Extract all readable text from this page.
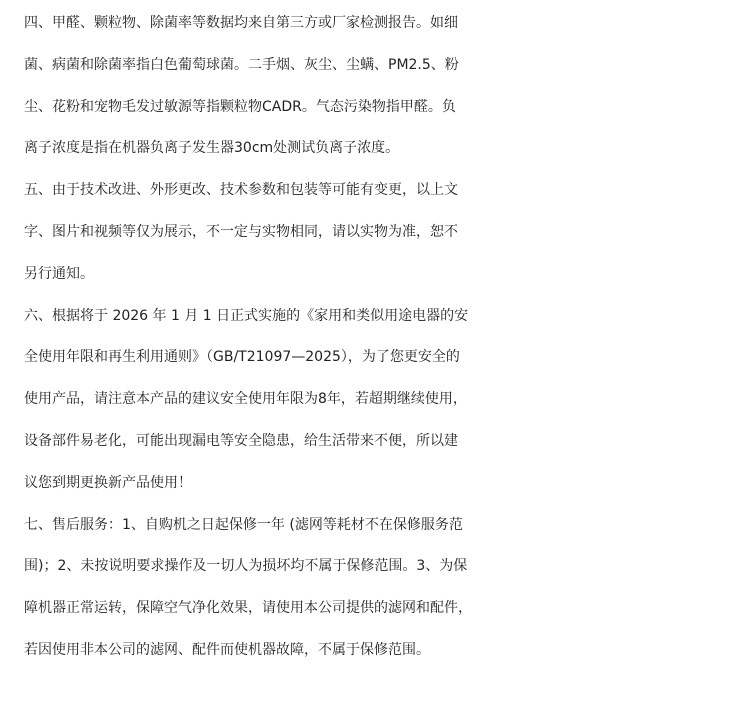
四、甲醛、颗粒物、除菌率等数据均来自第三方或厂家检测报告。如细
菌、病菌和除菌率指白色葡萄球菌。二手烟、灰尘、尘螨、PM2.5、粉
尘、花粉和宠物毛发过敏源等指颗粒物CADR。气态污染物指甲醛。负
离子浓度是指在机器负离子发生器30cm处测试负离子浓度。
五、由于技术改进、外形更改、技术参数和包装等可能有变更，以上文
字、图片和视频等仅为展示，不一定与实物相同，请以实物为准，恕不
另行通知。
六、根据将于 2026 年 1 月 1 日正式实施的《家用和类似用途电器的安
全使用年限和再生利用通则》（GB/T21097—2025），为了您更安全的
使用产品，请注意本产品的建议安全使用年限为8年，若超期继续使用，
设备部件易老化，可能出现漏电等安全隐患，给生活带来不便，所以建
议您到期更换新产品使用！
七、售后服务：1、自购机之日起保修一年 (滤网等耗材不在保修服务范
围)；2、未按说明要求操作及一切人为损坏均不属于保修范围。3、为保
障机器正常运转，保障空气净化效果，请使用本公司提供的滤网和配件，
若因使用非本公司的滤网、配件而使机器故障，不属于保修范围。
